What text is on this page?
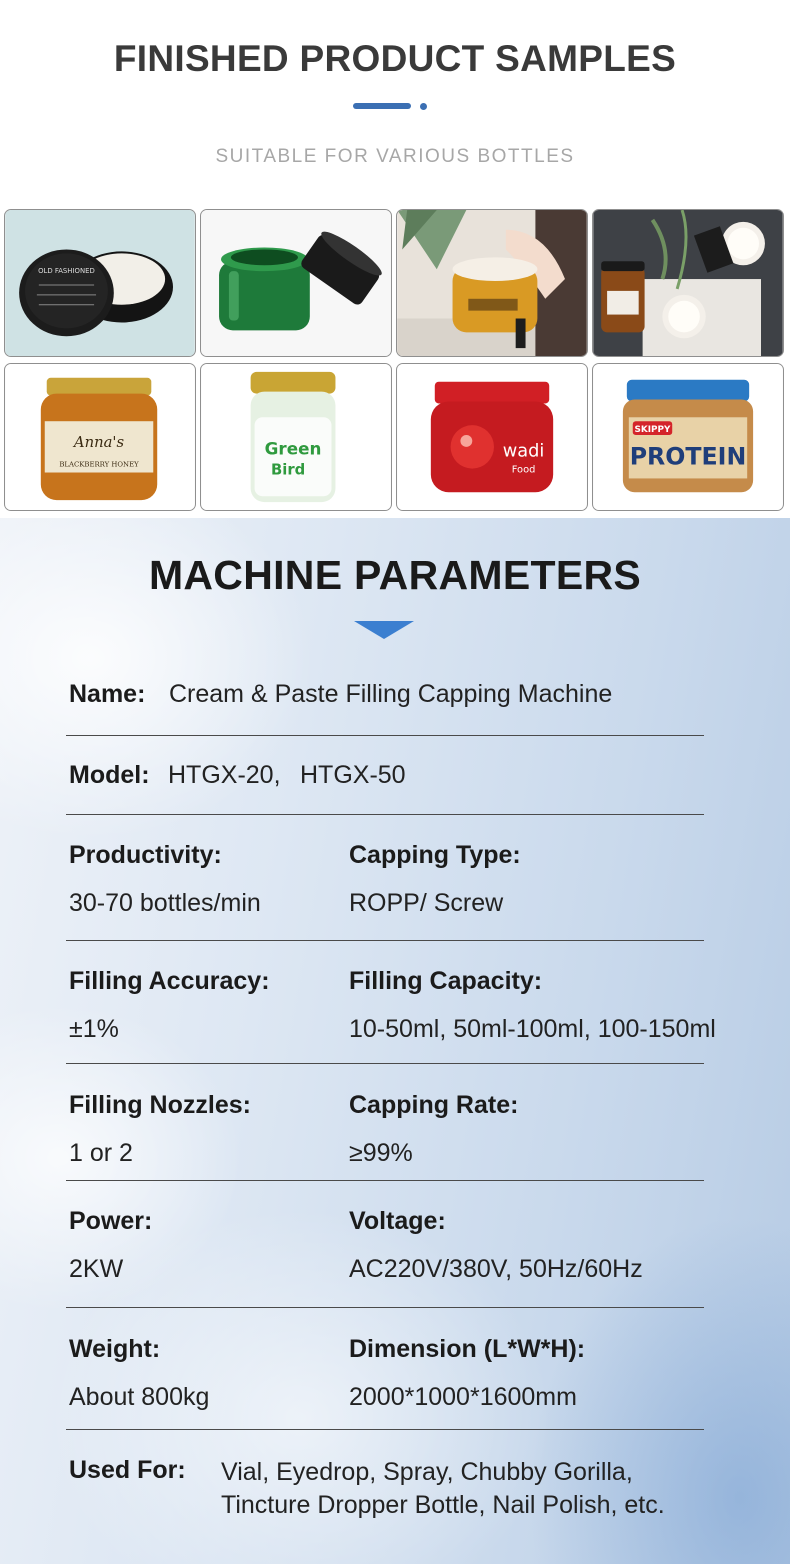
FINISHED PRODUCT SAMPLES
SUITABLE FOR VARIOUS BOTTLES
OLD FASHIONED
Anna's
BLACKBERRY HONEY
Green
Bird
wadi
Food
SKIPPY
PROTEIN
MACHINE PARAMETERS
Name: Cream & Paste Filling Capping Machine
Model: HTGX-20, HTGX-50
Productivity:
30-70 bottles/min
Capping Type:
ROPP/ Screw
Filling Accuracy:
±1%
Filling Capacity:
10-50ml, 50ml-100ml, 100-150ml
Filling Nozzles:
1 or 2
Capping Rate:
≥99%
Power:
2KW
Voltage:
AC220V/380V, 50Hz/60Hz
Weight:
About 800kg
Dimension (L*W*H):
2000*1000*1600mm
Used For: Vial, Eyedrop, Spray, Chubby Gorilla,
Tincture Dropper Bottle, Nail Polish, etc.
